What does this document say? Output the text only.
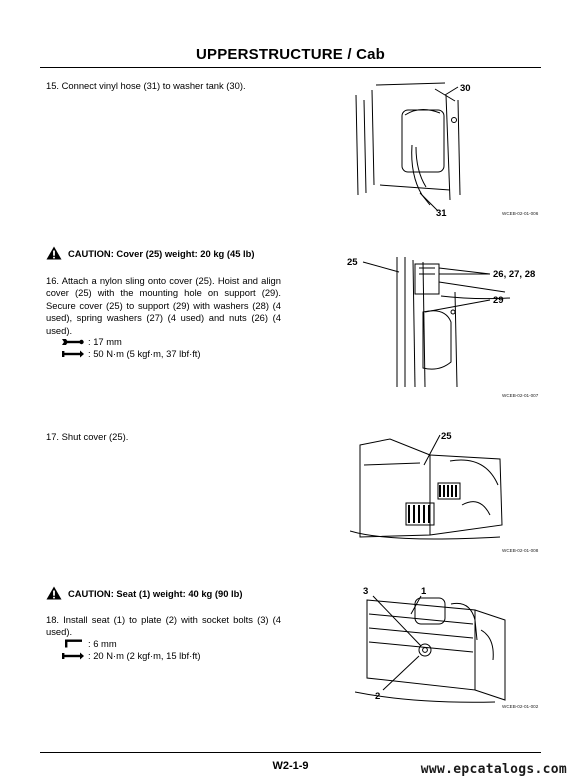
UPPERSTRUCTURE / Cab

15. Connect vinyl hose (31) to washer tank (30).	30
31	WCEB-02-01-006
CAUTION: Cover (25) weight: 20 kg (45 lb)

16. Attach a nylon sling onto cover (25). Hoist and align cover (25) with the mounting hole on support (29). Secure cover (25) to support (29) with washers (28) (4 used), spring washers (27) (4 used) and nuts (26) (4 used).

: 17 mm
: 50 N·m (5 kgf·m, 37 lbf·ft)
25
26, 27, 28
29
WCEB-02-01-007

17. Shut cover (25).	25
WCEB-02-01-008
CAUTION: Seat (1) weight: 40 kg (90 lb)

18. Install seat (1) to plate (2) with socket bolts (3) (4 used).

: 6 mm
: 20 N·m (2 kgf·m, 15 lbf·ft)
3	1
2
WCEB-02-01-002
W2-1-9	www.epcatalogs.com
